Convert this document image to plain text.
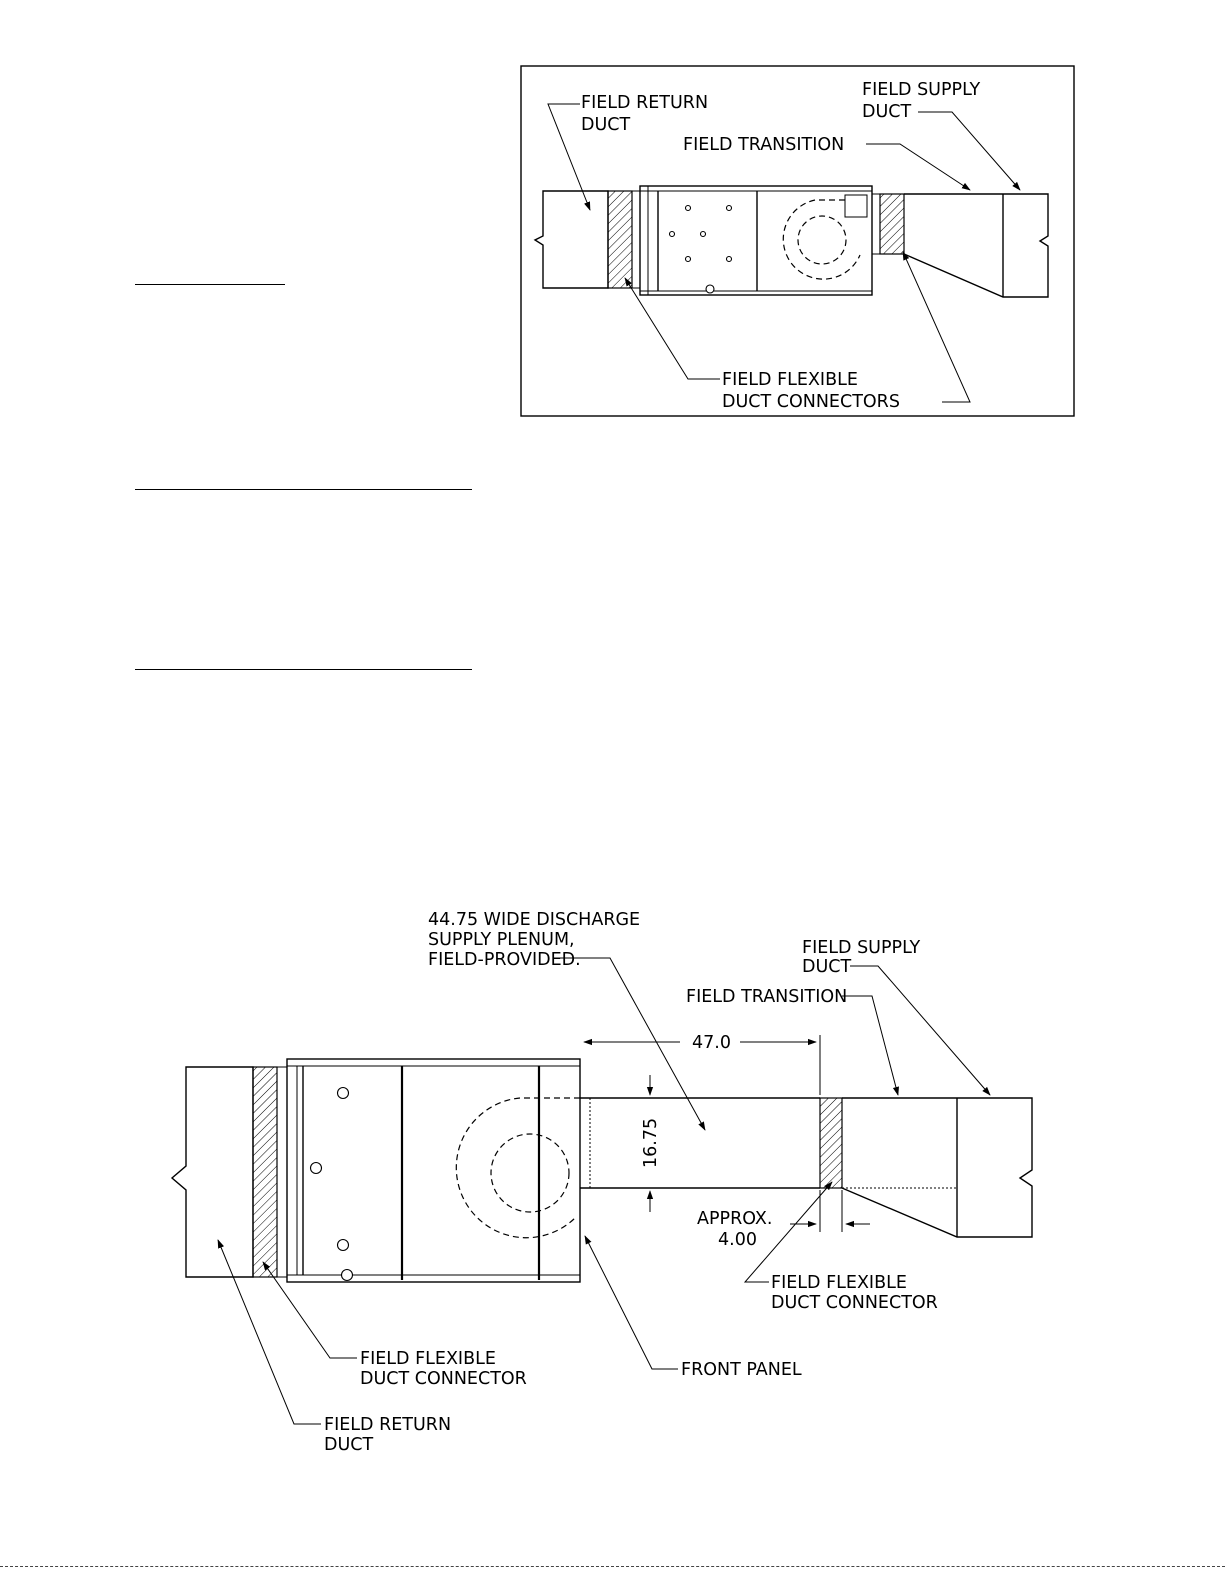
FIELD RETURN
DUCT
FIELD SUPPLY
DUCT
FIELD TRANSITION
FIELD FLEXIBLE
DUCT CONNECTORS
47.0
16.75
APPROX.
4.00
44.75 WIDE DISCHARGE
SUPPLY PLENUM,
FIELD-PROVIDED.
FIELD SUPPLY
DUCT
FIELD TRANSITION
FIELD FLEXIBLE
DUCT CONNECTOR
FIELD FLEXIBLE
DUCT CONNECTOR	FRONT PANEL
FIELD RETURN
DUCT
